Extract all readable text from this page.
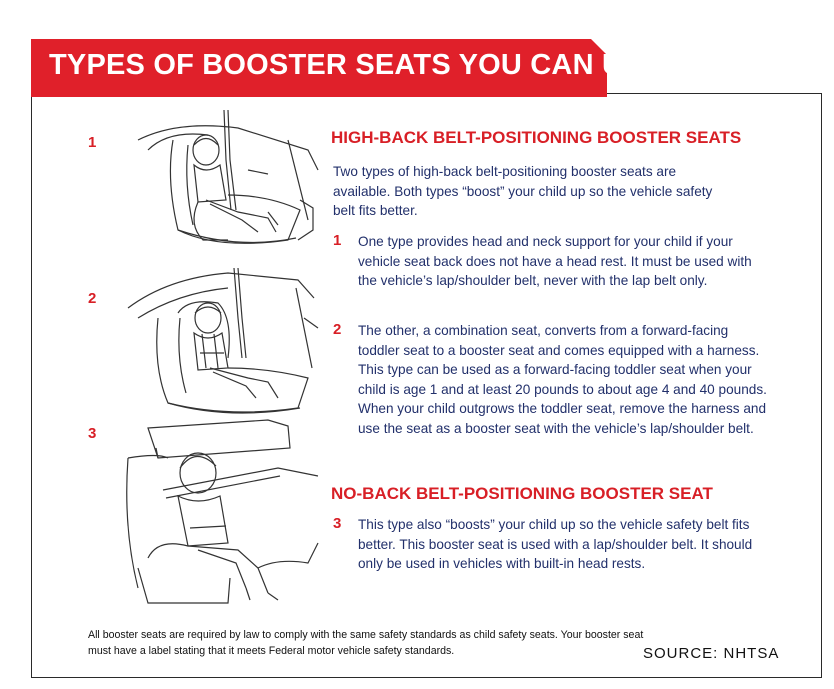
TYPES OF BOOSTER SEATS YOU CAN USE
1
2
3
HIGH-BACK BELT-POSITIONING BOOSTER SEATS
Two types of high-back belt-positioning booster seats are available. Both types “boost” your child up so the vehicle safety belt fits better.
1 One type provides head and neck support for your child if your vehicle seat back does not have a head rest. It must be used with the vehicle’s lap/shoulder belt, never with the lap belt only.
2 The other, a combination seat, converts from a forward-facing toddler seat to a booster seat and comes equipped with a harness. This type can be used as a forward-facing toddler seat when your child is age 1 and at least 20 pounds to about age 4 and 40 pounds. When your child outgrows the toddler seat, remove the harness and use the seat as a booster seat with the vehicle’s lap/shoulder belt.
NO-BACK BELT-POSITIONING BOOSTER SEAT
3 This type also “boosts” your child up so the vehicle safety belt fits better. This booster seat is used with a lap/shoulder belt. It should only be used in vehicles with built-in head rests.
All booster seats are required by law to comply with the same safety standards as child safety seats. Your booster seat must have a label stating that it meets Federal motor vehicle safety standards.	SOURCE: NHTSA
